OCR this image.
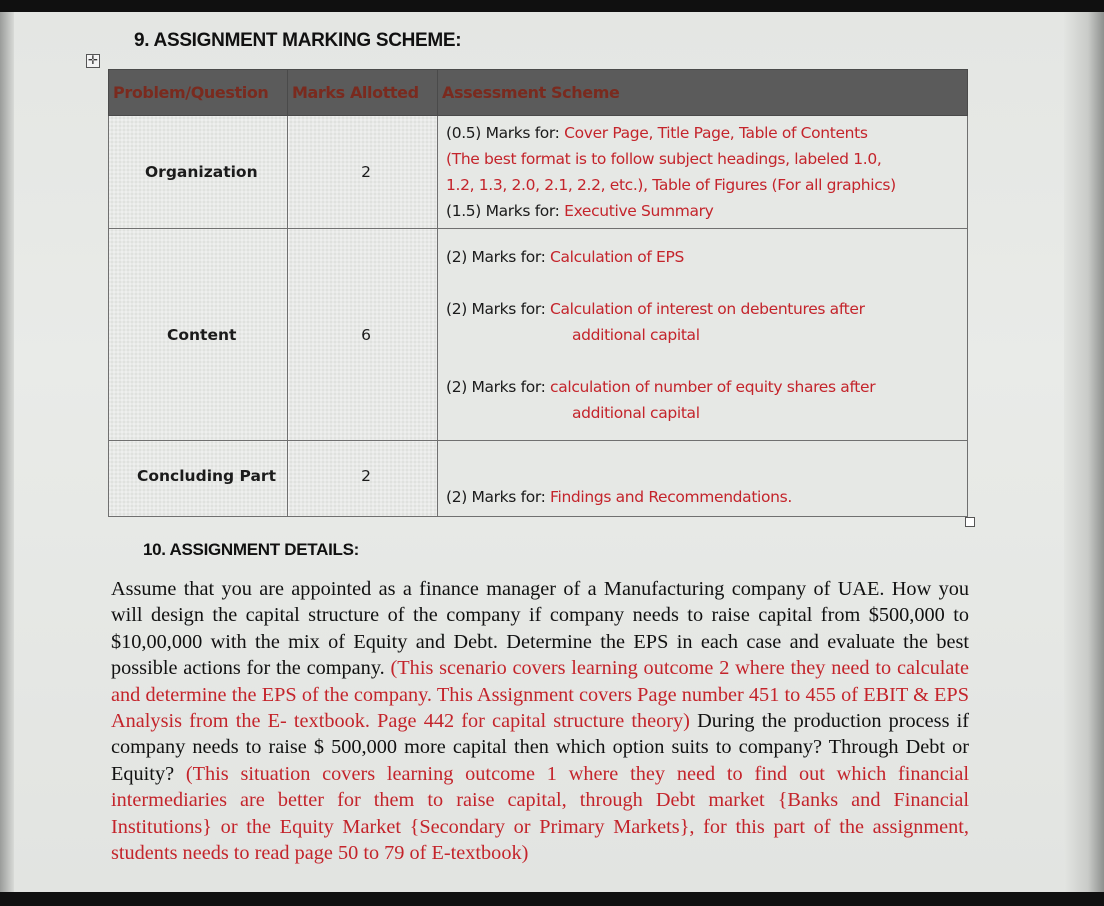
9. ASSIGNMENT MARKING SCHEME:
✛
Problem/Question	Marks Allotted	Assessment Scheme
Organization	2	(0.5) Marks for: Cover Page, Title Page, Table of Contents
(The best format is to follow subject headings, labeled 1.0,
1.2, 1.3, 2.0, 2.1, 2.2, etc.), Table of Figures (For all graphics)
(1.5) Marks for: Executive Summary

Content	6	(2) Marks for: Calculation of EPS
(2) Marks for: Calculation of interest on debentures after
additional capital
(2) Marks for: calculation of number of equity shares after
additional capital

Concluding Part	2	(2) Marks for: Findings and Recommendations.
10. ASSIGNMENT DETAILS:
Assume that you are appointed as a finance manager of a Manufacturing company of UAE. How you will design the capital structure of the company if company needs to raise capital from $500,000 to $10,00,000 with the mix of Equity and Debt. Determine the EPS in each case and evaluate the best possible actions for the company. (This scenario covers learning outcome 2 where they need to calculate and determine the EPS of the company. This Assignment covers Page number 451 to 455 of EBIT & EPS Analysis from the E- textbook. Page 442 for capital structure theory) During the production process if company needs to raise $ 500,000 more capital then which option suits to company? Through Debt or Equity? (This situation covers learning outcome 1 where they need to find out which financial intermediaries are better for them to raise capital, through Debt market {Banks and Financial Institutions} or the Equity Market {Secondary or Primary Markets}, for this part of the assignment, students needs to read page 50 to 79 of E-textbook)
